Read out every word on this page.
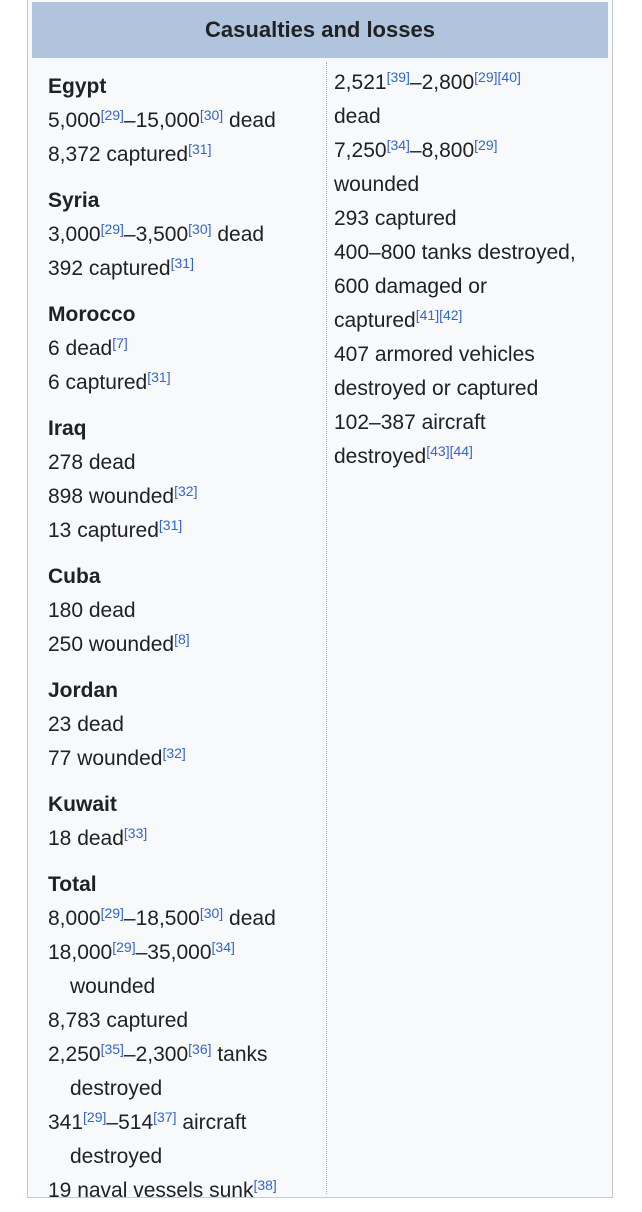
Casualties and losses
Egypt
5,000[29]–15,000[30] dead
8,372 captured[31]
Syria
3,000[29]–3,500[30] dead
392 captured[31]
Morocco
6 dead[7]
6 captured[31]
Iraq
278 dead
898 wounded[32]
13 captured[31]
Cuba
180 dead
250 wounded[8]
Jordan
23 dead
77 wounded[32]
Kuwait
18 dead[33]
Total
8,000[29]–18,500[30] dead
18,000[29]–35,000[34]
wounded
8,783 captured
2,250[35]–2,300[36] tanks
destroyed
341[29]–514[37] aircraft
destroyed
19 naval vessels sunk[38]
2,521[39]–2,800[29][40]
dead
7,250[34]–8,800[29]
wounded
293 captured
400–800 tanks destroyed,
600 damaged or
captured[41][42]
407 armored vehicles
destroyed or captured
102–387 aircraft
destroyed[43][44]
